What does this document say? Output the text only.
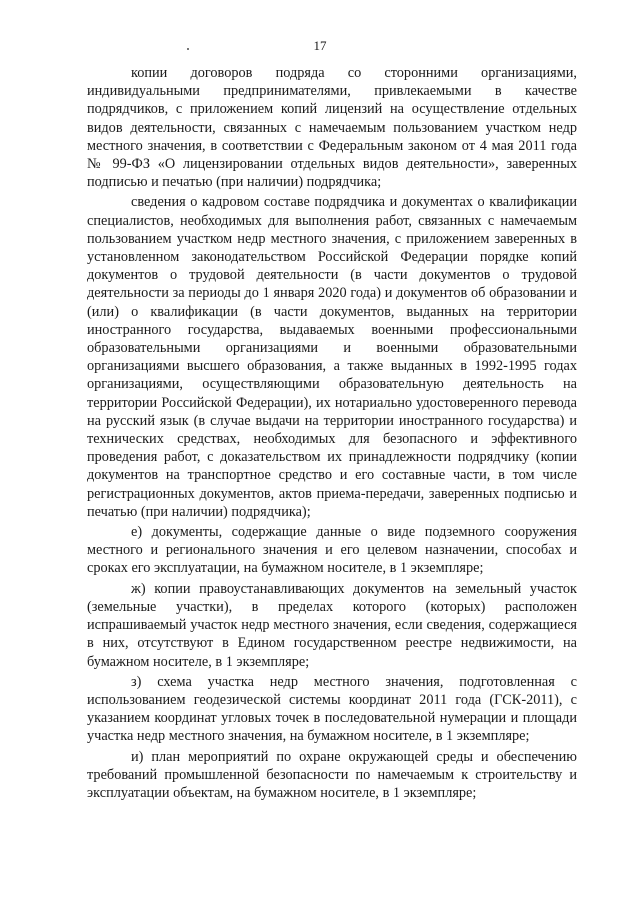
17

копии договоров подряда со сторонними организациями, индивидуальными предпринимателями, привлекаемыми в качестве подрядчиков, с приложением копий лицензий на осуществление отдельных видов деятельности, связанных с намечаемым пользованием участком недр местного значения, в соответствии с Федеральным законом от 4 мая 2011 года № 99-ФЗ «О лицензировании отдельных видов деятельности», заверенных подписью и печатью (при наличии) подрядчика;

сведения о кадровом составе подрядчика и документах о квалификации специалистов, необходимых для выполнения работ, связанных с намечаемым пользованием участком недр местного значения, с приложением заверенных в установленном законодательством Российской Федерации порядке копий документов о трудовой деятельности (в части документов о трудовой деятельности за периоды до 1 января 2020 года) и документов об образовании и (или) о квалификации (в части документов, выданных на территории иностранного государства, выдаваемых военными профессиональными образовательными организациями и военными образовательными организациями высшего образования, а также выданных в 1992-1995 годах организациями, осуществляющими образовательную деятельность на территории Российской Федерации), их нотариально удостоверенного перевода на русский язык (в случае выдачи на территории иностранного государства) и технических средствах, необходимых для безопасного и эффективного проведения работ, с доказательством их принадлежности подрядчику (копии документов на транспортное средство и его составные части, в том числе регистрационных документов, актов приема-передачи, заверенных подписью и печатью (при наличии) подрядчика);

е) документы, содержащие данные о виде подземного сооружения местного и регионального значения и его целевом назначении, способах и сроках его эксплуатации, на бумажном носителе, в 1 экземпляре;

ж) копии правоустанавливающих документов на земельный участок (земельные участки), в пределах которого (которых) расположен испрашиваемый участок недр местного значения, если сведения, содержащиеся в них, отсутствуют в Едином государственном реестре недвижимости, на бумажном носителе, в 1 экземпляре;

з) схема участка недр местного значения, подготовленная с использованием геодезической системы координат 2011 года (ГСК-2011), с указанием координат угловых точек в последовательной нумерации и площади участка недр местного значения, на бумажном носителе, в 1 экземпляре;

и) план мероприятий по охране окружающей среды и обеспечению требований промышленной безопасности по намечаемым к строительству и эксплуатации объектам, на бумажном носителе, в 1 экземпляре;
